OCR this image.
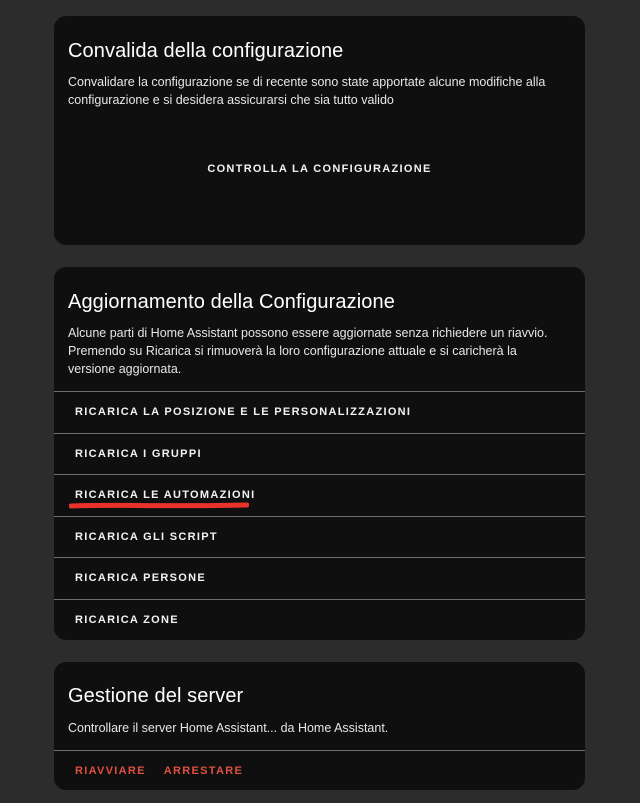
Convalida della configurazione
Convalidare la configurazione se di recente sono state apportate alcune modifiche alla configurazione e si desidera assicurarsi che sia tutto valido
CONTROLLA LA CONFIGURAZIONE
Aggiornamento della Configurazione
Alcune parti di Home Assistant possono essere aggiornate senza richiedere un riavvio. Premendo su Ricarica si rimuoverà la loro configurazione attuale e si caricherà la versione aggiornata.
RICARICA LA POSIZIONE E LE PERSONALIZZAZIONI
RICARICA I GRUPPI
RICARICA LE AUTOMAZIONI
RICARICA GLI SCRIPT
RICARICA PERSONE
RICARICA ZONE
Gestione del server
Controllare il server Home Assistant... da Home Assistant.
RIAVVIARE ARRESTARE
